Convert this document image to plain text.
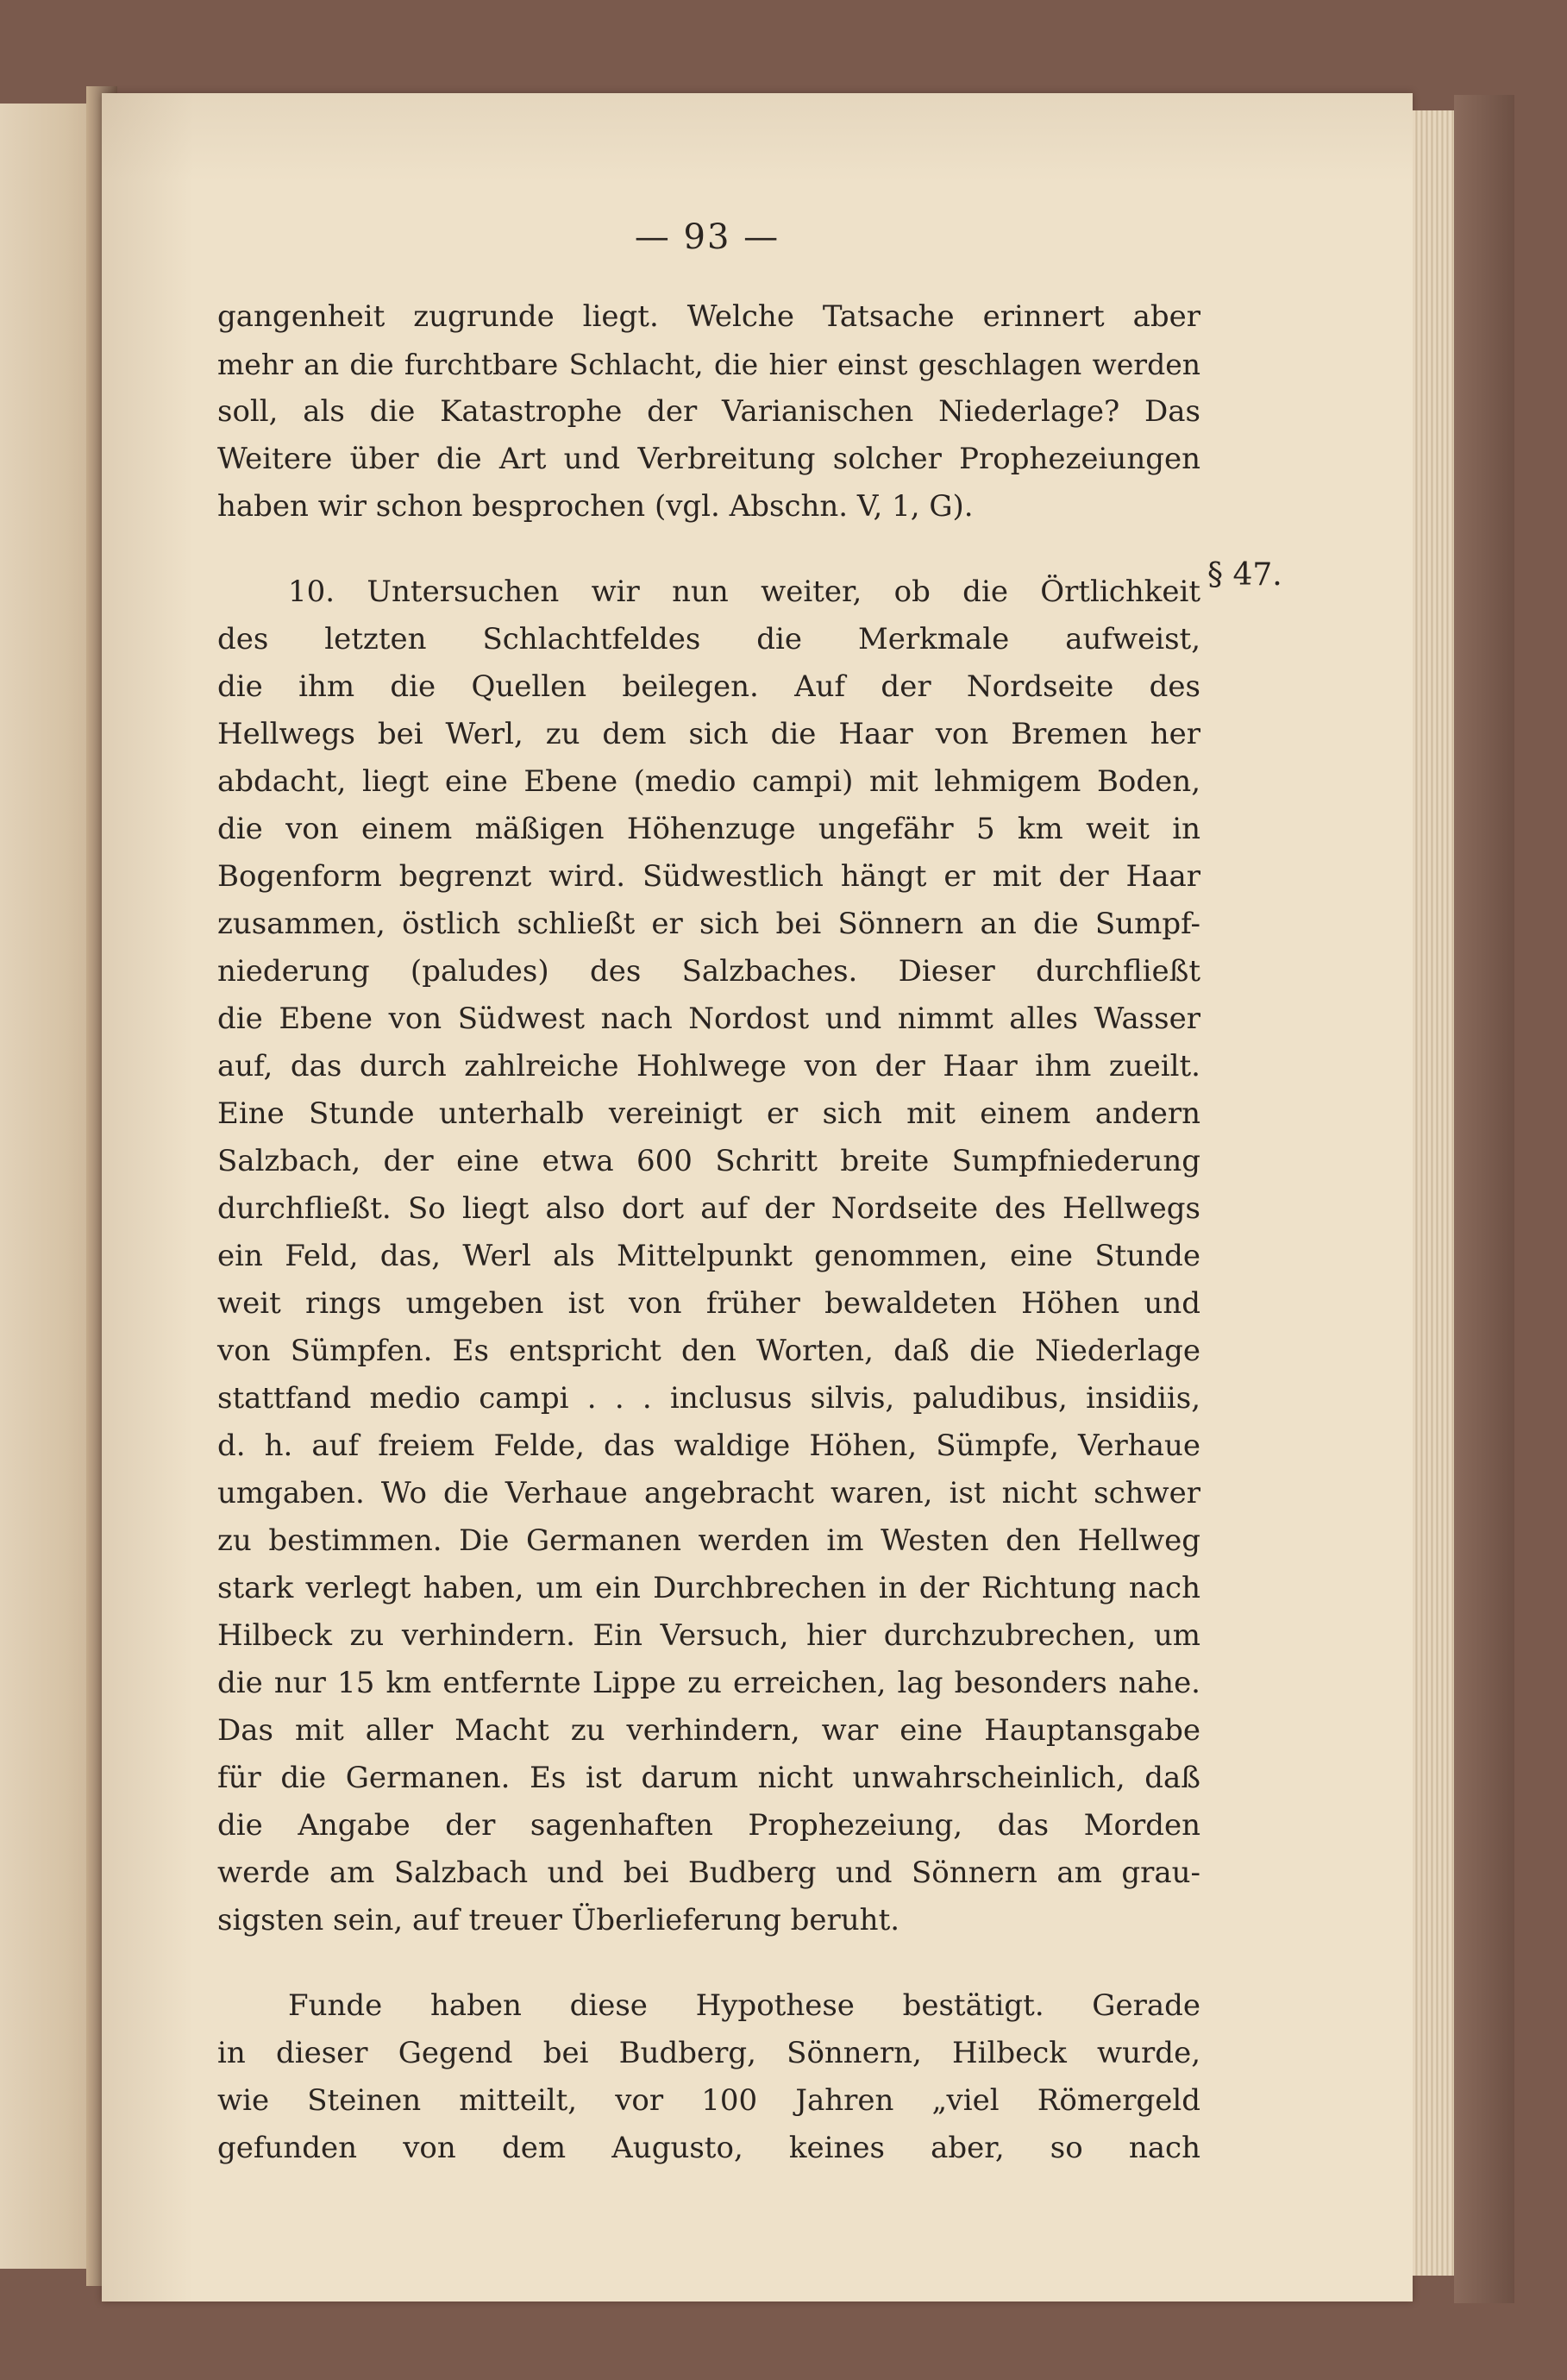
— 93 —
§ 47.
gangenheit zugrunde liegt. Welche Tatsache erinnert aber
mehr an die furchtbare Schlacht, die hier einst geschlagen werden
soll, als die Katastrophe der Varianischen Niederlage? Das
Weitere über die Art und Verbreitung solcher Prophezeiungen
haben wir schon besprochen (vgl. Abschn. V, 1, G).
10. Untersuchen wir nun weiter, ob die Örtlichkeit
des letzten Schlachtfeldes die Merkmale aufweist,
die ihm die Quellen beilegen. Auf der Nordseite des
Hellwegs bei Werl, zu dem sich die Haar von Bremen her
abdacht, liegt eine Ebene (medio campi) mit lehmigem Boden,
die von einem mäßigen Höhenzuge ungefähr 5 km weit in
Bogenform begrenzt wird. Südwestlich hängt er mit der Haar
zusammen, östlich schließt er sich bei Sönnern an die Sumpf-
niederung (paludes) des Salzbaches. Dieser durchfließt
die Ebene von Südwest nach Nordost und nimmt alles Wasser
auf, das durch zahlreiche Hohlwege von der Haar ihm zueilt.
Eine Stunde unterhalb vereinigt er sich mit einem andern
Salzbach, der eine etwa 600 Schritt breite Sumpfniederung
durchfließt. So liegt also dort auf der Nordseite des Hellwegs
ein Feld, das, Werl als Mittelpunkt genommen, eine Stunde
weit rings umgeben ist von früher bewaldeten Höhen und
von Sümpfen. Es entspricht den Worten, daß die Niederlage
stattfand medio campi . . . inclusus silvis, paludibus, insidiis,
d. h. auf freiem Felde, das waldige Höhen, Sümpfe, Verhaue
umgaben. Wo die Verhaue angebracht waren, ist nicht schwer
zu bestimmen. Die Germanen werden im Westen den Hellweg
stark verlegt haben, um ein Durchbrechen in der Richtung nach
Hilbeck zu verhindern. Ein Versuch, hier durchzubrechen, um
die nur 15 km entfernte Lippe zu erreichen, lag besonders nahe.
Das mit aller Macht zu verhindern, war eine Hauptansgabe
für die Germanen. Es ist darum nicht unwahrscheinlich, daß
die Angabe der sagenhaften Prophezeiung, das Morden
werde am Salzbach und bei Budberg und Sönnern am grau-
sigsten sein, auf treuer Überlieferung beruht.
Funde haben diese Hypothese bestätigt. Gerade
in dieser Gegend bei Budberg, Sönnern, Hilbeck wurde,
wie Steinen mitteilt, vor 100 Jahren „viel Römergeld
gefunden von dem Augusto, keines aber, so nach
